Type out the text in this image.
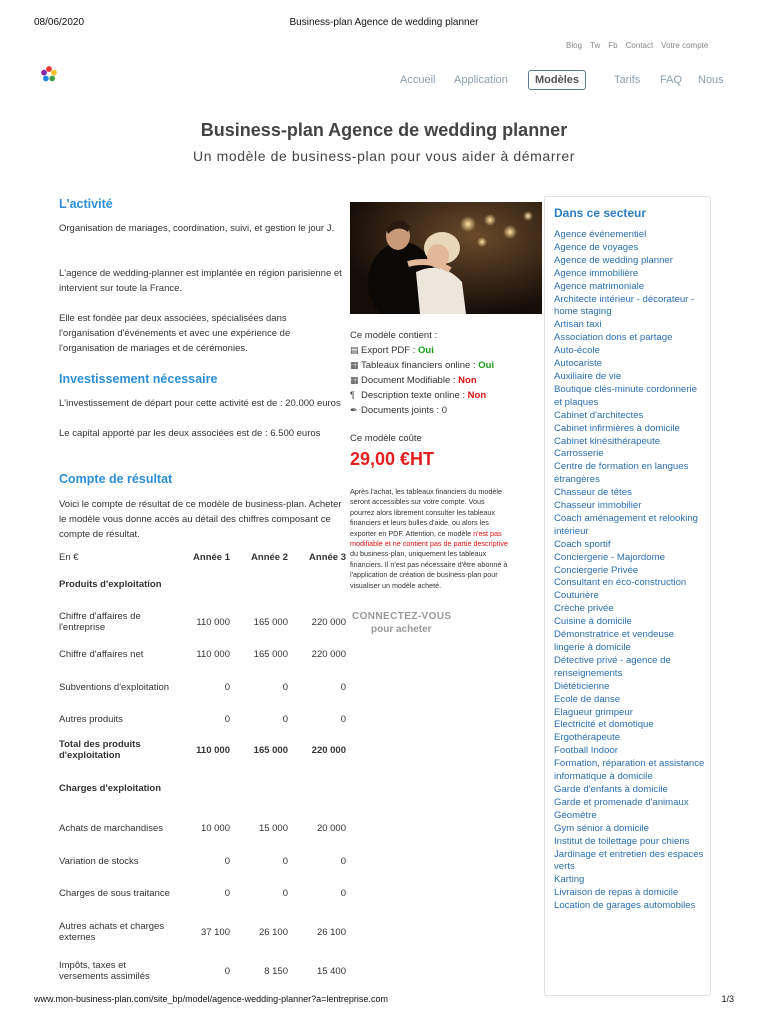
08/06/2020	Business-plan Agence de wedding planner
Blog Tw Fb Contact Votre compte
Accueil Application	Modèles	Tarifs FAQ Nous
Business-plan Agence de wedding planner
Un modèle de business-plan pour vous aider à démarrer
L'activité
Organisation de mariages, coordination, suivi, et gestion le jour J.
L'agence de wedding-planner est implantée en région parisienne et intervient sur toute la France.
Elle est fondée par deux associées, spécialisées dans l'organisation d'événements et avec une expérience de l'organisation de mariages et de cérémonies.
Investissement nécessaire
L'investissement de départ pour cette activité est de : 20.000 euros
Le capital apporté par les deux associées est de : 6.500 euros
Compte de résultat
Voici le compte de résultat de ce modèle de business-plan. Acheter le modèle vous donne accès au détail des chiffres composant ce compte de résultat.
En €	Année 1	Année 2	Année 3
Produits d'exploitation			
Chiffre d'affaires de l'entreprise	110 000	165 000	220 000
Chiffre d'affaires net	110 000	165 000	220 000
Subventions d'exploitation	0	0	0
Autres produits	0	0	0
Total des produits d'exploitation	110 000	165 000	220 000
Charges d'exploitation			
Achats de marchandises	10 000	15 000	20 000
Variation de stocks	0	0	0
Charges de sous traitance	0	0	0
Autres achats et charges externes	37 100	26 100	26 100
Impôts, taxes et versements assimilés	0	8 150	15 400
Ce modèle contient :
▤ Export PDF : Oui
▦ Tableaux financiers online : Oui
▦ Document Modifiable : Non
¶ Description texte online : Non
✒ Documents joints : 0
Ce modèle coûte
29,00 €HT
Après l'achat, les tableaux financiers du modèle seront accessibles sur votre compte. Vous pourrez alors librement consulter les tableaux financiers et leurs bulles d'aide, ou alors les exporter en PDF. Attention, ce modèle n'est pas modifiable et ne contient pas de partie descriptive du business-plan, uniquement les tableaux financiers. Il n'est pas nécessaire d'être abonné à l'application de création de business-plan pour visualiser un modèle acheté.
CONNECTEZ-VOUS
pour acheter
Dans ce secteur
Agence événementiel
Agence de voyages
Agence de wedding planner
Agence immobilière
Agence matrimoniale
Architecte intérieur - décorateur - home staging
Artisan taxi
Association dons et partage
Auto-école
Autocariste
Auxiliaire de vie
Boutique clés-minute cordonnerie et plaques
Cabinet d'architectes
Cabinet infirmières à domicile
Cabinet kinésithérapeute
Carrosserie
Centre de formation en langues étrangères
Chasseur de têtes
Chasseur immobilier
Coach aménagement et relooking intérieur
Coach sportif
Conciergerie - Majordome
Conciergerie Privée
Consultant en éco-construction
Couturière
Crèche privée
Cuisine à domicile
Démonstratrice et vendeuse lingerie à domicile
Détective privé - agence de renseignements
Diététicienne
Ecole de danse
Elagueur grimpeur
Electricité et domotique
Ergothérapeute
Football Indoor
Formation, réparation et assistance informatique à domicile
Garde d'enfants à domicile
Garde et promenade d'animaux
Géomètre
Gym sénior à domicile
Institut de toilettage pour chiens
Jardinage et entretien des espaces verts
Karting
Livraison de repas à domicile
Location de garages automobiles
www.mon-business-plan.com/site_bp/model/agence-wedding-planner?a=lentreprise.com	1/3
